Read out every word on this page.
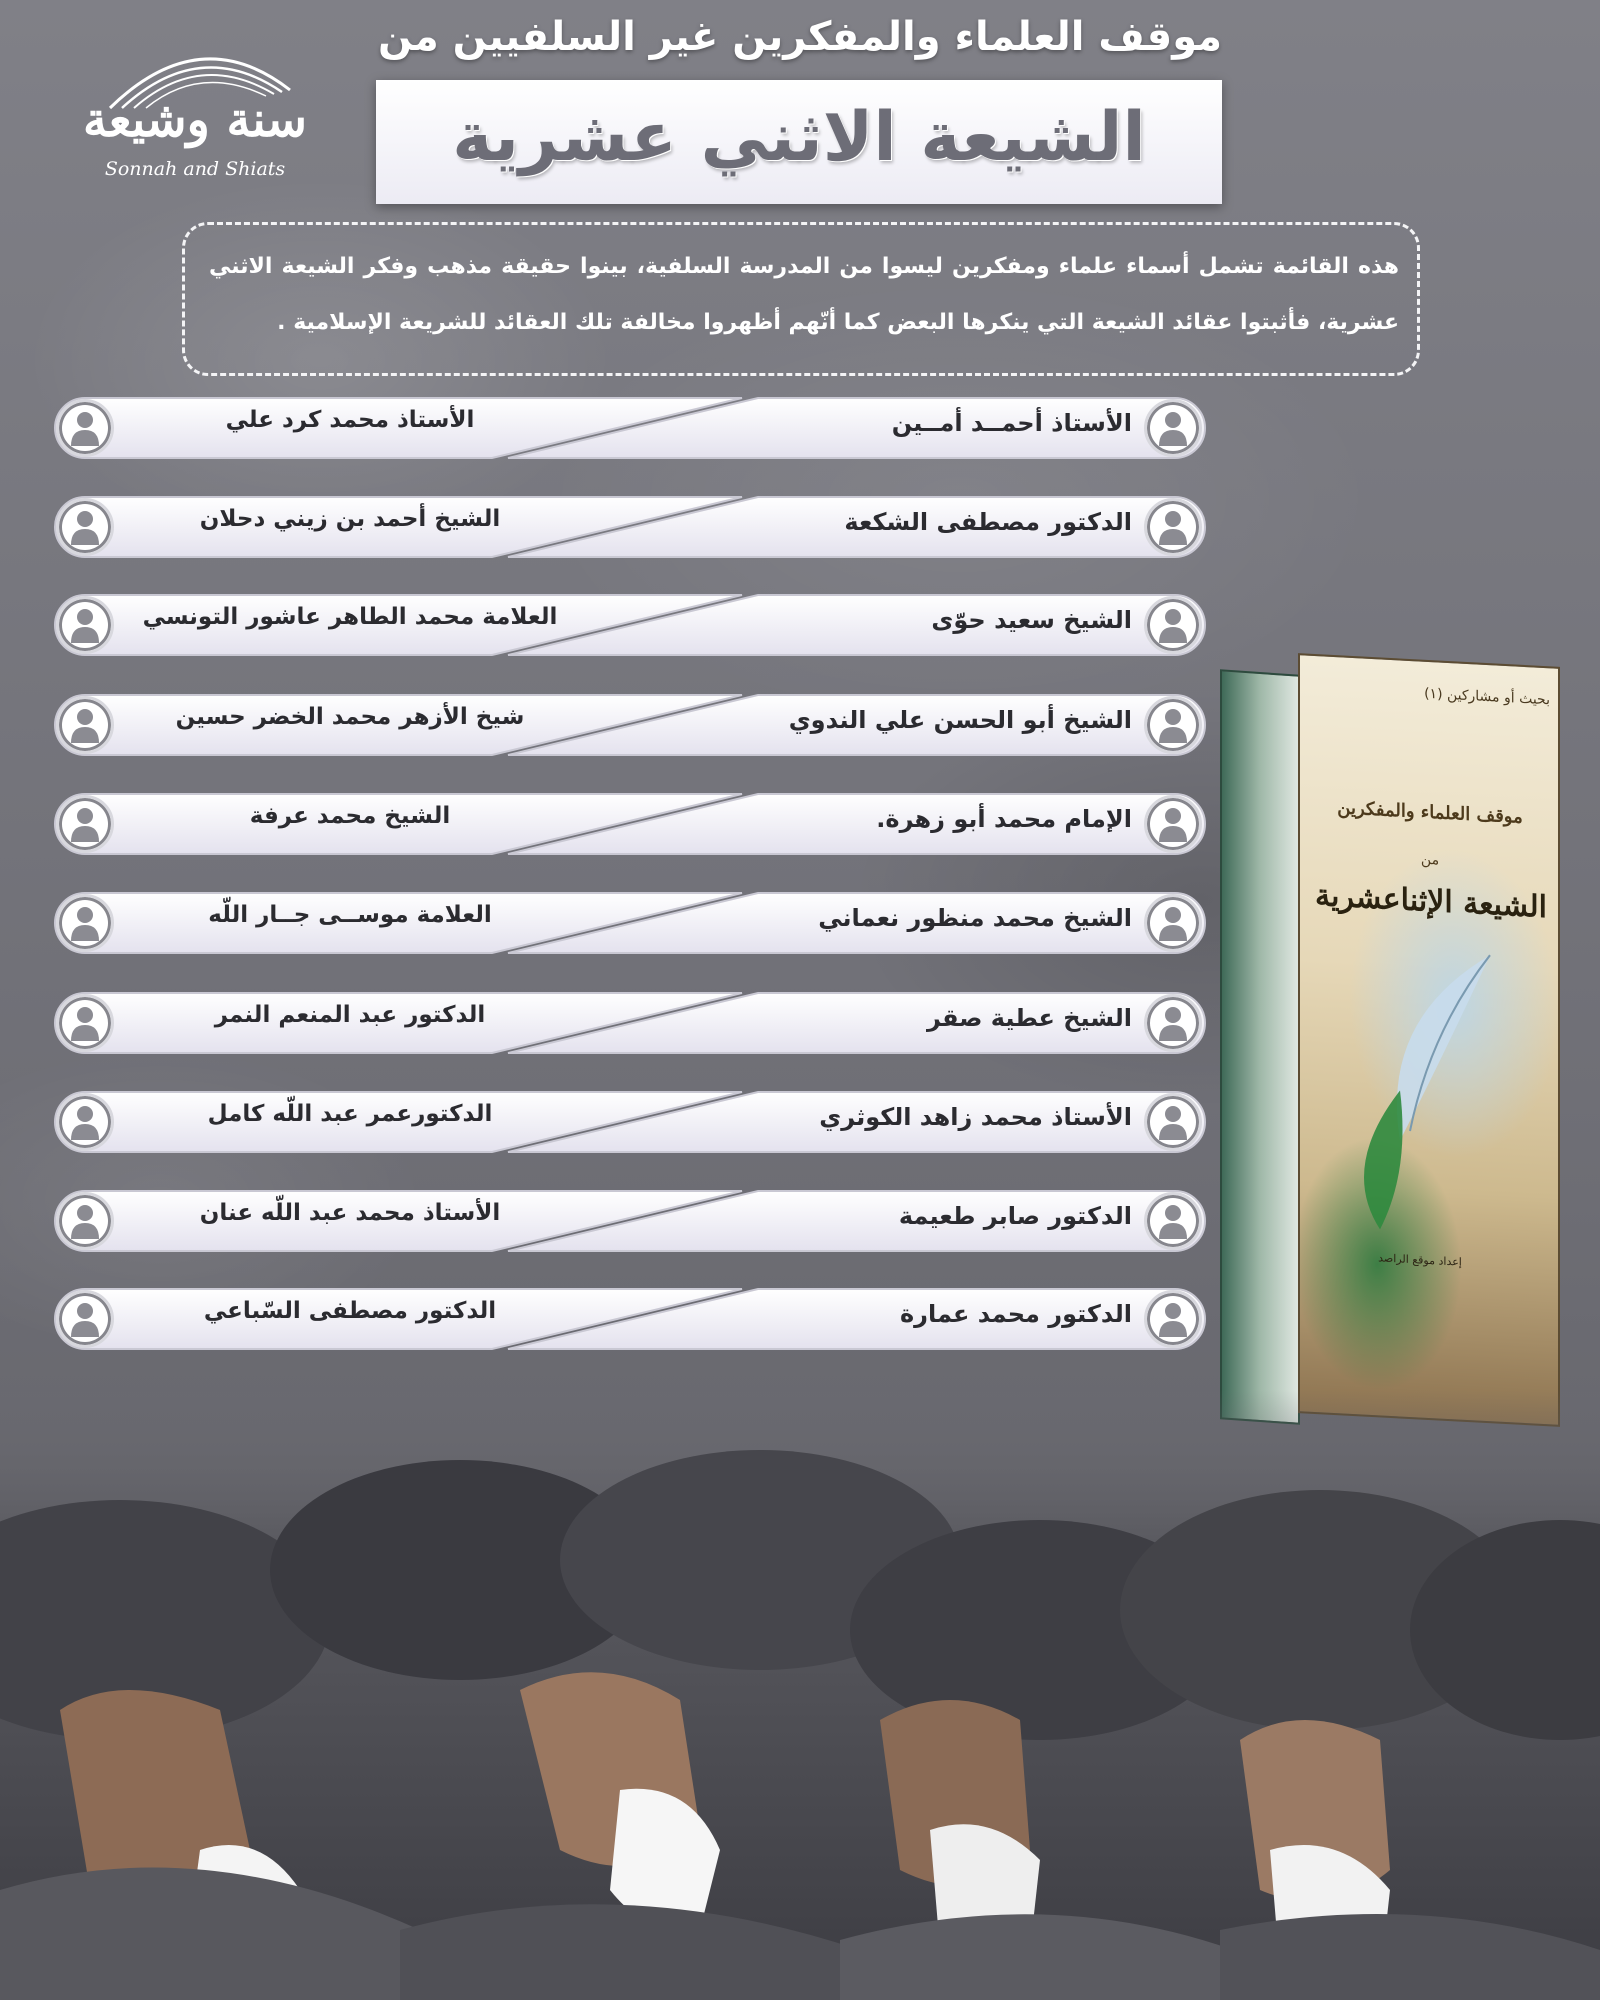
سنة وشيعة
Sonnah and Shiats
موقف العلماء والمفكرين غير السلفيين من
الشيعة الاثني عشرية
هذه القائمة تشمل أسماء علماء ومفكرين ليسوا من المدرسة السلفية، بينوا حقيقة مذهب وفكر الشيعة الاثني عشرية، فأثبتوا عقائد الشيعة التي ينكرها البعض كما أنّهم أظهروا مخالفة تلك العقائد للشريعة الإسلامية .
الأستاذ محمد كرد علي	الأستاذ أحمــد أمــين
الشيخ أحمد بن زيني دحلان	الدكتور مصطفى الشكعة
العلامة محمد الطاهر عاشور التونسي	الشيخ سعيد حوّى
شيخ الأزهر محمد الخضر حسين	الشيخ أبو الحسن علي الندوي
الشيخ محمد عرفة	الإمام محمد أبو زهرة.
العلامة موســى جــار اللّه	الشيخ محمد منظور نعماني
الدكتور عبد المنعم النمر	الشيخ عطية صقر
الدكتورعمر عبد اللّه كامل	الأستاذ محمد زاهد الكوثري
الأستاذ محمد عبد اللّه عنان	الدكتور صابر طعيمة
الدكتور مصطفى السّباعي	الدكتور محمد عمارة
بحيث أو مشاركين (١)
موقف العلماء والمفكرين
من
الشيعة الإثناعشرية
إعداد موقع الراصد
